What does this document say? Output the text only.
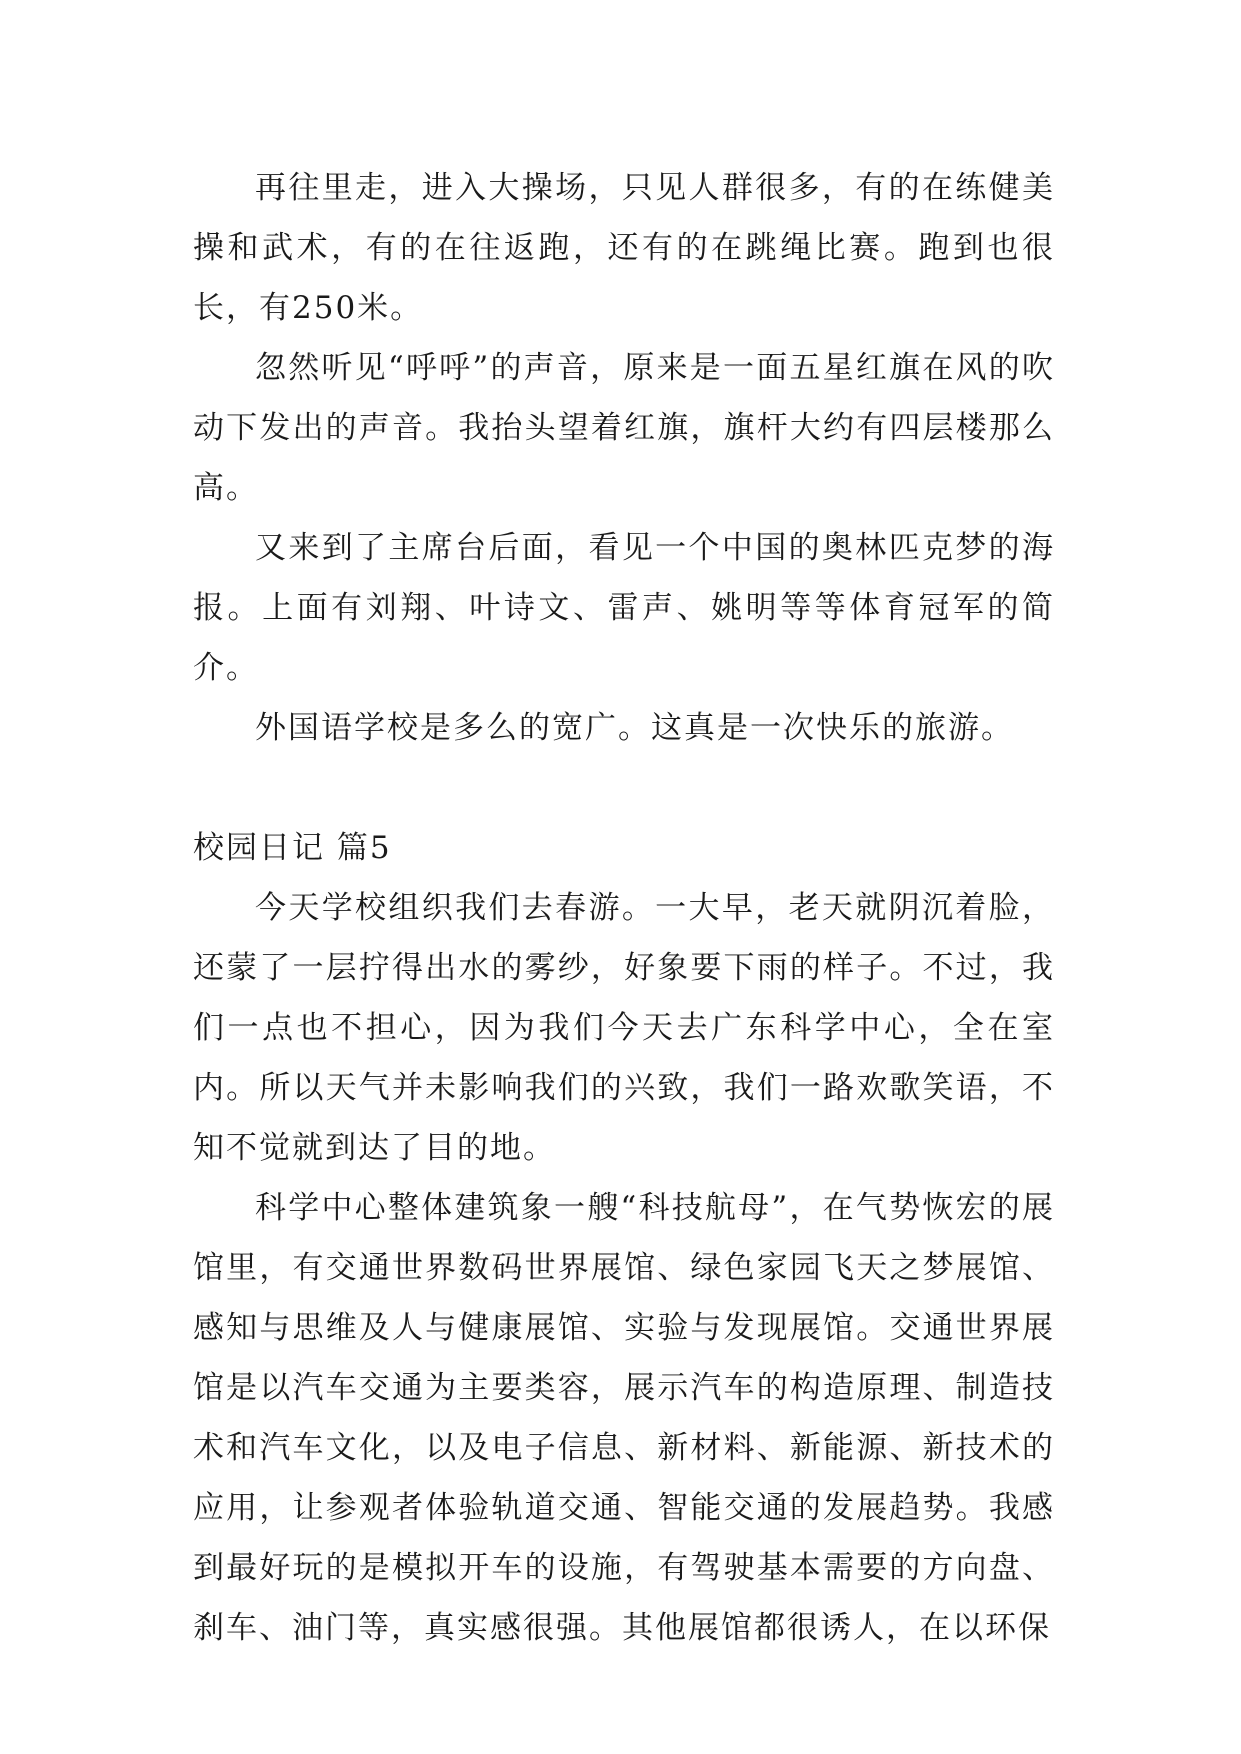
再往里走，进入大操场，只见人群很多，有的在练健美操和武术，有的在往返跑，还有的在跳绳比赛。跑到也很长，有250米。

忽然听见“呼呼”的声音，原来是一面五星红旗在风的吹动下发出的声音。我抬头望着红旗，旗杆大约有四层楼那么高。

又来到了主席台后面，看见一个中国的奥林匹克梦的海报。上面有刘翔、叶诗文、雷声、姚明等等体育冠军的简介。

外国语学校是多么的宽广。这真是一次快乐的旅游。

校园日记 篇5

今天学校组织我们去春游。一大早，老天就阴沉着脸，还蒙了一层拧得出水的雾纱，好象要下雨的样子。不过，我们一点也不担心，因为我们今天去广东科学中心，全在室内。所以天气并未影响我们的兴致，我们一路欢歌笑语，不知不觉就到达了目的地。

科学中心整体建筑象一艘“科技航母”，在气势恢宏的展馆里，有交通世界数码世界展馆、绿色家园飞天之梦展馆、感知与思维及人与健康展馆、实验与发现展馆。交通世界展馆是以汽车交通为主要类容，展示汽车的构造原理、制造技术和汽车文化，以及电子信息、新材料、新能源、新技术的应用，让参观者体验轨道交通、智能交通的发展趋势。我感到最好玩的是模拟开车的设施，有驾驶基本需要的方向盘、刹车、油门等，真实感很强。其他展馆都很诱人，在以环保
